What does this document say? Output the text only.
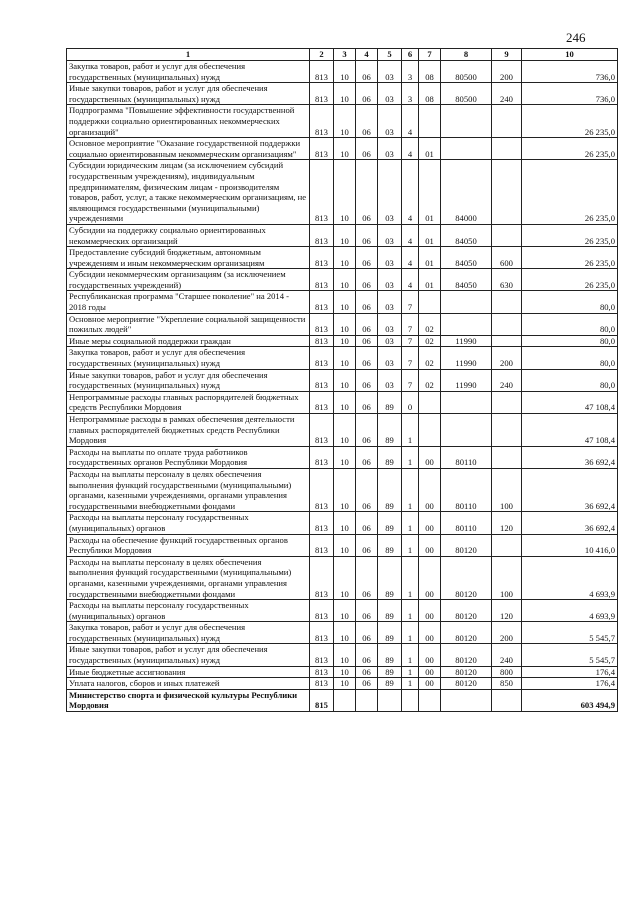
246
1	2	3	4	5	6	7	8	9	10
Закупка товаров, работ и услуг для обеспечения государственных (муниципальных) нужд	813	10	06	03	3	08	80500	200	736,0
Иные закупки товаров, работ и услуг для обеспечения государственных (муниципальных) нужд	813	10	06	03	3	08	80500	240	736,0
Подпрограмма "Повышение эффективности государственной поддержки социально ориентированных некоммерческих организаций"	813	10	06	03	4				26 235,0
Основное мероприятие "Оказание государственной поддержки социально ориентированным некоммерческим организациям"	813	10	06	03	4	01			26 235,0
Субсидии юридическим лицам (за исключением субсидий государственным учреждениям), индивидуальным предпринимателям, физическим лицам - производителям товаров, работ, услуг, а также некоммерческим организациям, не являющимся государственными (муниципальными) учреждениями	813	10	06	03	4	01	84000		26 235,0
Субсидии на поддержку социально ориентированных некоммерческих организаций	813	10	06	03	4	01	84050		26 235,0
Предоставление субсидий бюджетным, автономным учреждениям и иным некоммерческим организациям	813	10	06	03	4	01	84050	600	26 235,0
Субсидии некоммерческим организациям (за исключением государственных учреждений)	813	10	06	03	4	01	84050	630	26 235,0
Республиканская программа "Старшее поколение" на 2014 - 2018 годы	813	10	06	03	7				80,0
Основное мероприятие "Укрепление социальной защищенности пожилых людей"	813	10	06	03	7	02			80,0
Иные меры социальной поддержки граждан	813	10	06	03	7	02	11990		80,0
Закупка товаров, работ и услуг для обеспечения государственных (муниципальных) нужд	813	10	06	03	7	02	11990	200	80,0
Иные закупки товаров, работ и услуг для обеспечения государственных (муниципальных) нужд	813	10	06	03	7	02	11990	240	80,0
Непрограммные расходы главных распорядителей бюджетных средств Республики Мордовия	813	10	06	89	0				47 108,4
Непрограммные расходы в рамках обеспечения деятельности главных распорядителей бюджетных средств Республики Мордовия	813	10	06	89	1				47 108,4
Расходы на выплаты по оплате труда работников государственных органов Республики Мордовия	813	10	06	89	1	00	80110		36 692,4
Расходы на выплаты персоналу в целях обеспечения выполнения функций государственными (муниципальными) органами, казенными учреждениями, органами управления государственными внебюджетными фондами	813	10	06	89	1	00	80110	100	36 692,4
Расходы на выплаты персоналу государственных (муниципальных) органов	813	10	06	89	1	00	80110	120	36 692,4
Расходы на обеспечение функций государственных органов Республики Мордовия	813	10	06	89	1	00	80120		10 416,0
Расходы на выплаты персоналу в целях обеспечения выполнения функций государственными (муниципальными) органами, казенными учреждениями, органами управления государственными внебюджетными фондами	813	10	06	89	1	00	80120	100	4 693,9
Расходы на выплаты персоналу государственных (муниципальных) органов	813	10	06	89	1	00	80120	120	4 693,9
Закупка товаров, работ и услуг для обеспечения государственных (муниципальных) нужд	813	10	06	89	1	00	80120	200	5 545,7
Иные закупки товаров, работ и услуг для обеспечения государственных (муниципальных) нужд	813	10	06	89	1	00	80120	240	5 545,7
Иные бюджетные ассигнования	813	10	06	89	1	00	80120	800	176,4
Уплата налогов, сборов и иных платежей	813	10	06	89	1	00	80120	850	176,4
Министерство спорта и физической культуры Республики Мордовия	815								603 494,9
